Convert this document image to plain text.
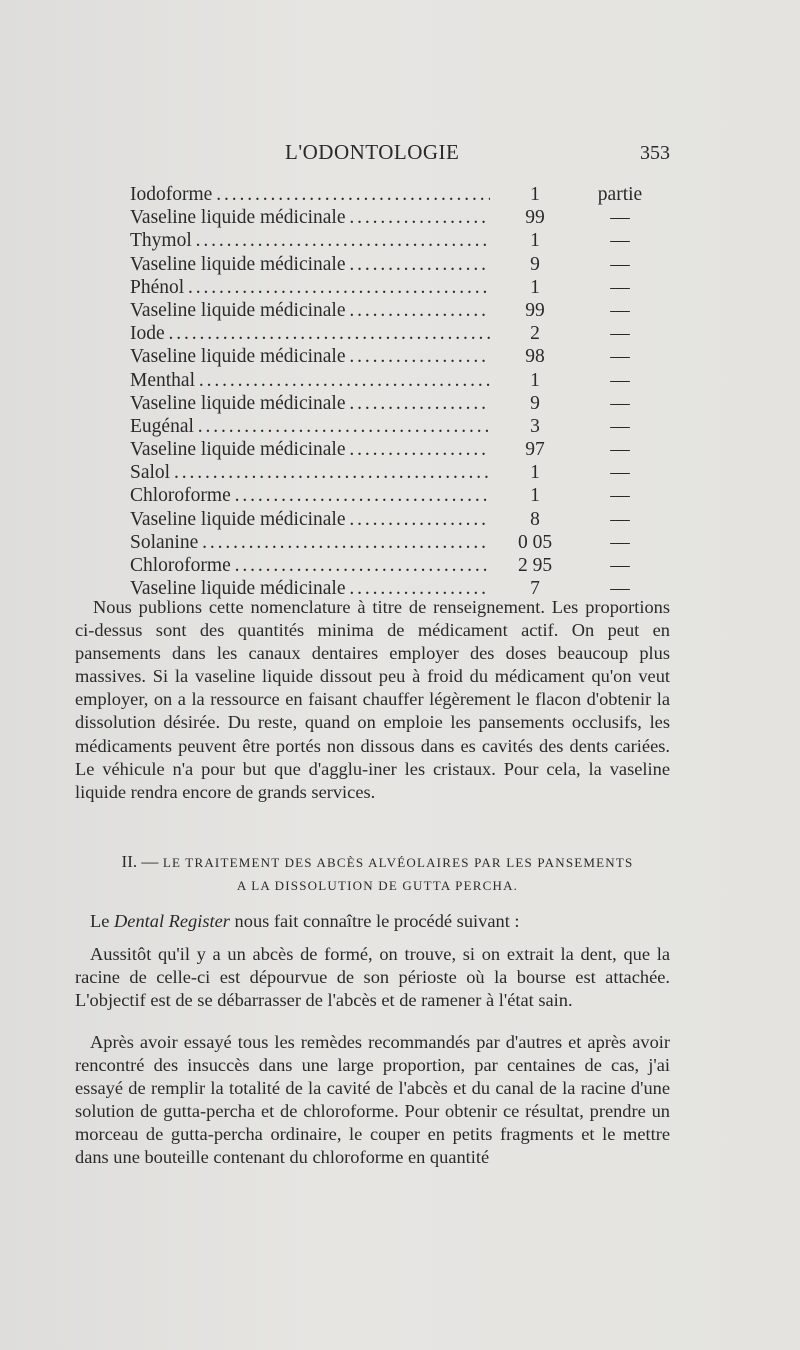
L'ODONTOLOGIE	353
Iodoforme . . .	1	partie
Vaseline liquide médicinale . . .	99	—
Thymol . . .	1	—
Vaseline liquide médicinale . . .	9	—
Phénol . . .	1	—
Vaseline liquide médicinale . . .	99	—
Iode . . .	2	—
Vaseline liquide médicinale . . .	98	—
Menthal . . .	1	—
Vaseline liquide médicinale . . .	9	—
Eugénal . . .	3	—
Vaseline liquide médicinale . . .	97	—
Salol . . .	1	—
Chloroforme . . .	1	—
Vaseline liquide médicinale . . .	8	—
Solanine . . .	0 05	—
Chloroforme . . .	2 95	—
Vaseline liquide médicinale . . .	7	—

Nous publions cette nomenclature à titre de renseignement. Les proportions ci-dessus sont des quantités minima de médicament actif. On peut en pansements dans les canaux dentaires employer des doses beaucoup plus massives. Si la vaseline liquide dissout peu à froid du médicament qu'on veut employer, on a la ressource en faisant chauffer légèrement le flacon d'obtenir la dissolution désirée. Du reste, quand on emploie les pansements occlusifs, les médicaments peuvent être portés non dissous dans es cavités des dents cariées. Le véhicule n'a pour but que d'agglu-iner les cristaux. Pour cela, la vaseline liquide rendra encore de grands services.

II. — LE TRAITEMENT DES ABCÈS ALVÉOLAIRES PAR LES PANSEMENTS
A LA DISSOLUTION DE GUTTA PERCHA.

Le Dental Register nous fait connaître le procédé suivant :

Aussitôt qu'il y a un abcès de formé, on trouve, si on extrait la dent, que la racine de celle-ci est dépourvue de son périoste où la bourse est attachée. L'objectif est de se débarrasser de l'abcès et de ramener à l'état sain.

Après avoir essayé tous les remèdes recommandés par d'autres et après avoir rencontré des insuccès dans une large proportion, par centaines de cas, j'ai essayé de remplir la totalité de la cavité de l'abcès et du canal de la racine d'une solution de gutta-percha et de chloroforme. Pour obtenir ce résultat, prendre un morceau de gutta-percha ordinaire, le couper en petits fragments et le mettre dans une bouteille contenant du chloroforme en quantité
